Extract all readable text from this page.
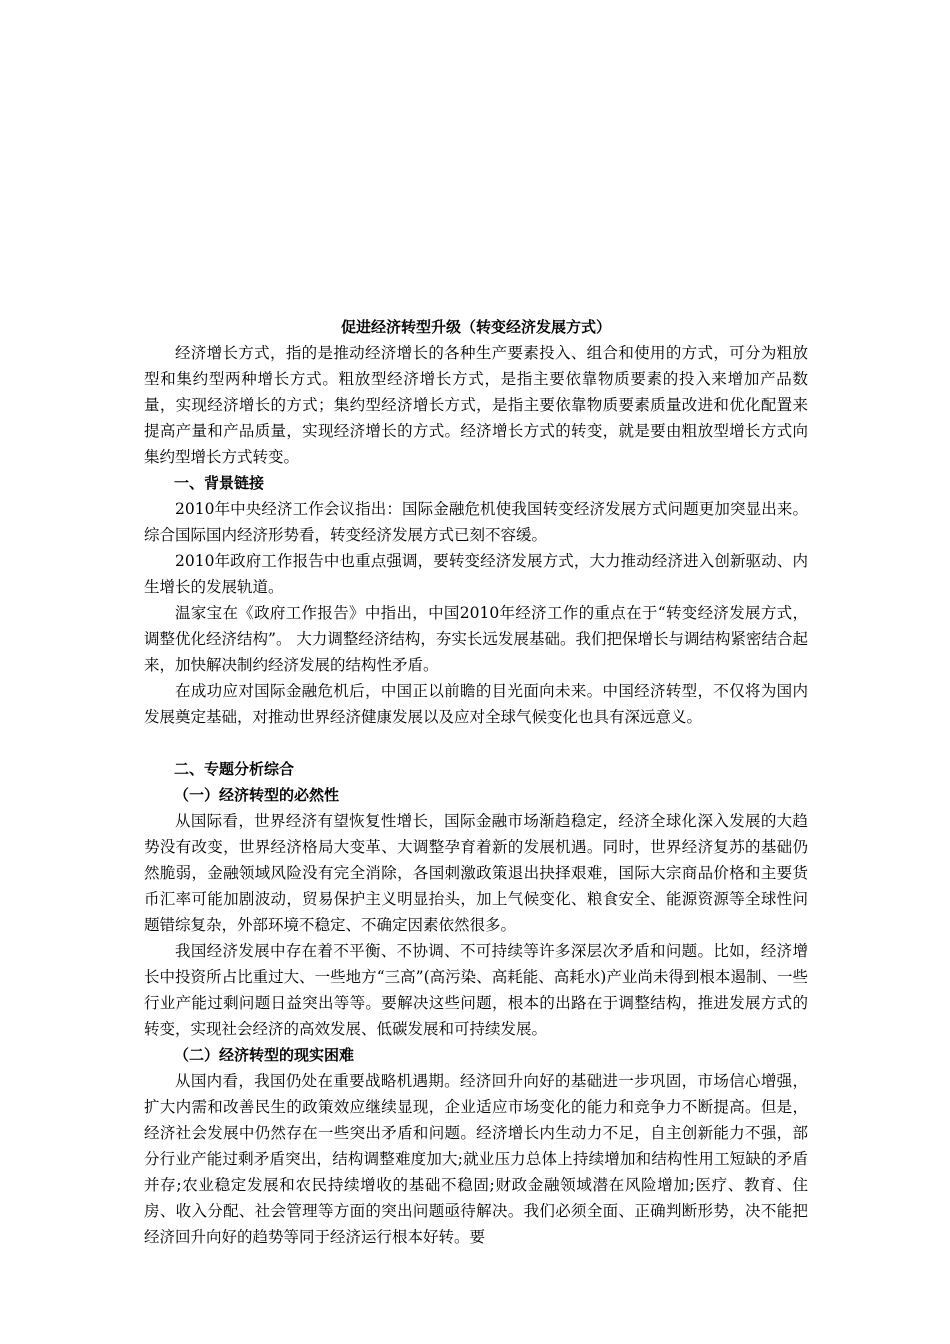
促进经济转型升级（转变经济发展方式）

经济增长方式，指的是推动经济增长的各种生产要素投入、组合和使用的方式，可分为粗放型和集约型两种增长方式。粗放型经济增长方式，是指主要依靠物质要素的投入来增加产品数量，实现经济增长的方式；集约型经济增长方式，是指主要依靠物质要素质量改进和优化配置来提高产量和产品质量，实现经济增长的方式。经济增长方式的转变，就是要由粗放型增长方式向集约型增长方式转变。

一、背景链接

2010年中央经济工作会议指出：国际金融危机使我国转变经济发展方式问题更加突显出来。综合国际国内经济形势看，转变经济发展方式已刻不容缓。

2010年政府工作报告中也重点强调，要转变经济发展方式，大力推动经济进入创新驱动、内生增长的发展轨道。

温家宝在《政府工作报告》中指出，中国2010年经济工作的重点在于“转变经济发展方式，调整优化经济结构”。 大力调整经济结构，夯实长远发展基础。我们把保增长与调结构紧密结合起来，加快解决制约经济发展的结构性矛盾。

在成功应对国际金融危机后，中国正以前瞻的目光面向未来。中国经济转型，不仅将为国内发展奠定基础，对推动世界经济健康发展以及应对全球气候变化也具有深远意义。

二、专题分析综合

（一）经济转型的必然性

从国际看，世界经济有望恢复性增长，国际金融市场渐趋稳定，经济全球化深入发展的大趋势没有改变，世界经济格局大变革、大调整孕育着新的发展机遇。同时，世界经济复苏的基础仍然脆弱，金融领域风险没有完全消除，各国刺激政策退出抉择艰难，国际大宗商品价格和主要货币汇率可能加剧波动，贸易保护主义明显抬头，加上气候变化、粮食安全、能源资源等全球性问题错综复杂，外部环境不稳定、不确定因素依然很多。

我国经济发展中存在着不平衡、不协调、不可持续等许多深层次矛盾和问题。比如，经济增长中投资所占比重过大、一些地方“三高”(高污染、高耗能、高耗水)产业尚未得到根本遏制、一些行业产能过剩问题日益突出等等。要解决这些问题，根本的出路在于调整结构，推进发展方式的转变，实现社会经济的高效发展、低碳发展和可持续发展。

（二）经济转型的现实困难

从国内看，我国仍处在重要战略机遇期。经济回升向好的基础进一步巩固，市场信心增强，扩大内需和改善民生的政策效应继续显现，企业适应市场变化的能力和竞争力不断提高。但是，经济社会发展中仍然存在一些突出矛盾和问题。经济增长内生动力不足，自主创新能力不强，部分行业产能过剩矛盾突出，结构调整难度加大;就业压力总体上持续增加和结构性用工短缺的矛盾并存;农业稳定发展和农民持续增收的基础不稳固;财政金融领域潜在风险增加;医疗、教育、住房、收入分配、社会管理等方面的突出问题亟待解决。我们必须全面、正确判断形势，决不能把经济回升向好的趋势等同于经济运行根本好转。要
